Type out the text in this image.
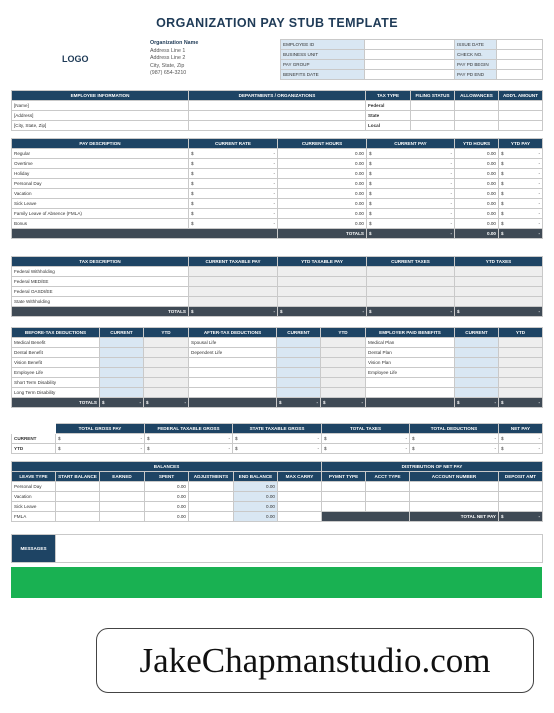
ORGANIZATION PAY STUB TEMPLATE
LOGO
Organization Name
Address Line 1
Address Line 2
City, State, Zip
(987) 654-3210
EMPLOYEE ID		ISSUE DATE	
BUSINESS UNIT		CHECK NO.	
PAY GROUP		PAY PD BEGIN	
BENEFITS DATE		PAY PD END	
EMPLOYEE INFORMATION	DEPARTMENTS / ORGANIZATIONS	TAX TYPE	FILING STATUS	ALLOWANCES	ADD'L AMOUNT
[Name]		Federal			
[Address]		State			
[City, State, Zip]		Local			
PAY DESCRIPTION	CURRENT RATE	CURRENT HOURS	CURRENT PAY	YTD HOURS	YTD PAY
Regular	$ -	0.00	$ -	0.00	$ -

Overtime	$ -	0.00	$ -	0.00	$ -

Holiday	$ -	0.00	$ -	0.00	$ -

Personal Day	$ -	0.00	$ -	0.00	$ -

Vacation	$ -	0.00	$ -	0.00	$ -

Sick Leave	$ -	0.00	$ -	0.00	$ -

Family Leave of Absence (FMLA)	$ -	0.00	$ -	0.00	$ -

Bonus	$ -	0.00	$ -	0.00	$ -

		TOTALS	$ -	0.00	$ -
TAX DESCRIPTION	CURRENT TAXABLE PAY	YTD TAXABLE PAY	CURRENT TAXES	YTD TAXES
Federal Withholding				
Federal MED/EE				
Federal OASDI/EE				
State Withholding				
TOTALS	$ -	$ -	$ -	$ -
BEFORE-TAX DEDUCTIONS	CURRENT	YTD	AFTER-TAX DEDUCTIONS	CURRENT	YTD	EMPLOYER PAID BENEFITS	CURRENT	YTD
Medical Benefit			Spousal Life			Medical Plan		
Dental Benefit			Dependent Life			Dental Plan		
Vision Benefit						Vision Plan		
Employee Life						Employee Life		
Short Term Disability								
Long Term Disability								
TOTALS	$ -	$ -		$ -	$ -		$ -	$ -
	TOTAL GROSS PAY	FEDERAL TAXABLE GROSS	STATE TAXABLE GROSS	TOTAL TAXES	TOTAL DEDUCTIONS	NET PAY
CURRENT	$ -	$ -	$ -	$ -	$ -	$ -

YTD	$ -	$ -	$ -	$ -	$ -	$ -
BALANCES						
LEAVE TYPE	START BALANCE	EARNED	SPENT	ADJUSTMENTS	END BALANCE	MAX CARRY
Personal Day			0.00		0.00	
Vacation			0.00		0.00	
Sick Leave			0.00		0.00	
FMLA			0.00		0.00	
DISTRIBUTION OF NET PAY			
PYMNT TYPE	ACCT TYPE	ACCOUNT NUMBER	DEPOSIT AMT

		TOTAL NET PAY	$ -
MESSAGES	
JakeChapmanstudio.com
